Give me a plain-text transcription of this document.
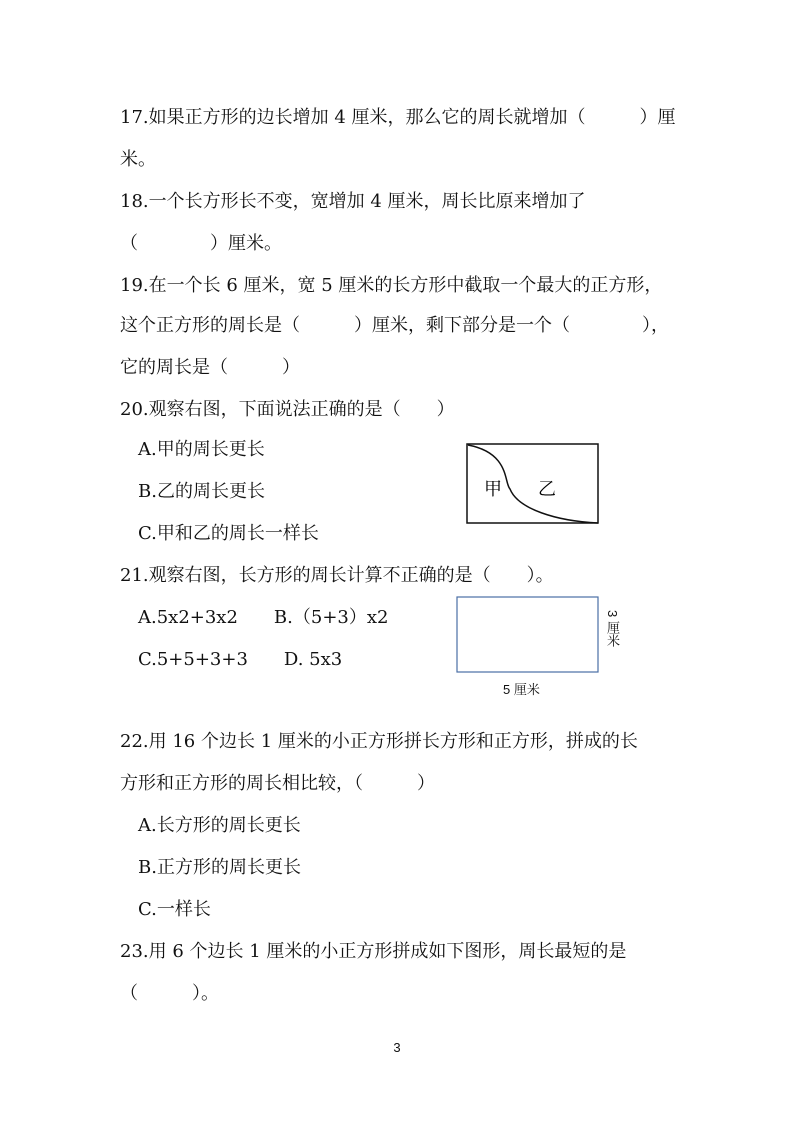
17.如果正方形的边长增加 4 厘米，那么它的周长就增加（　　　）厘
米。
18.一个长方形长不变，宽增加 4 厘米，周长比原来增加了
（　　　　）厘米。
19.在一个长 6 厘米，宽 5 厘米的长方形中截取一个最大的正方形，
这个正方形的周长是（　　　）厘米，剩下部分是一个（　　　　），
它的周长是（　　　）
20.观察右图，下面说法正确的是（　　）
A.甲的周长更长
B.乙的周长更长
C.甲和乙的周长一样长
甲 乙
21.观察右图，长方形的周长计算不正确的是（　　）。
A.5x2+3x2　　B.（5+3）x2
C.5+5+3+3　　D. 5x3
5 厘米
3 厘米
22.用 16 个边长 1 厘米的小正方形拼长方形和正方形，拼成的长
方形和正方形的周长相比较，（　　　）
A.长方形的周长更长
B.正方形的周长更长
C.一样长
23.用 6 个边长 1 厘米的小正方形拼成如下图形，周长最短的是
（　　　）。
3
